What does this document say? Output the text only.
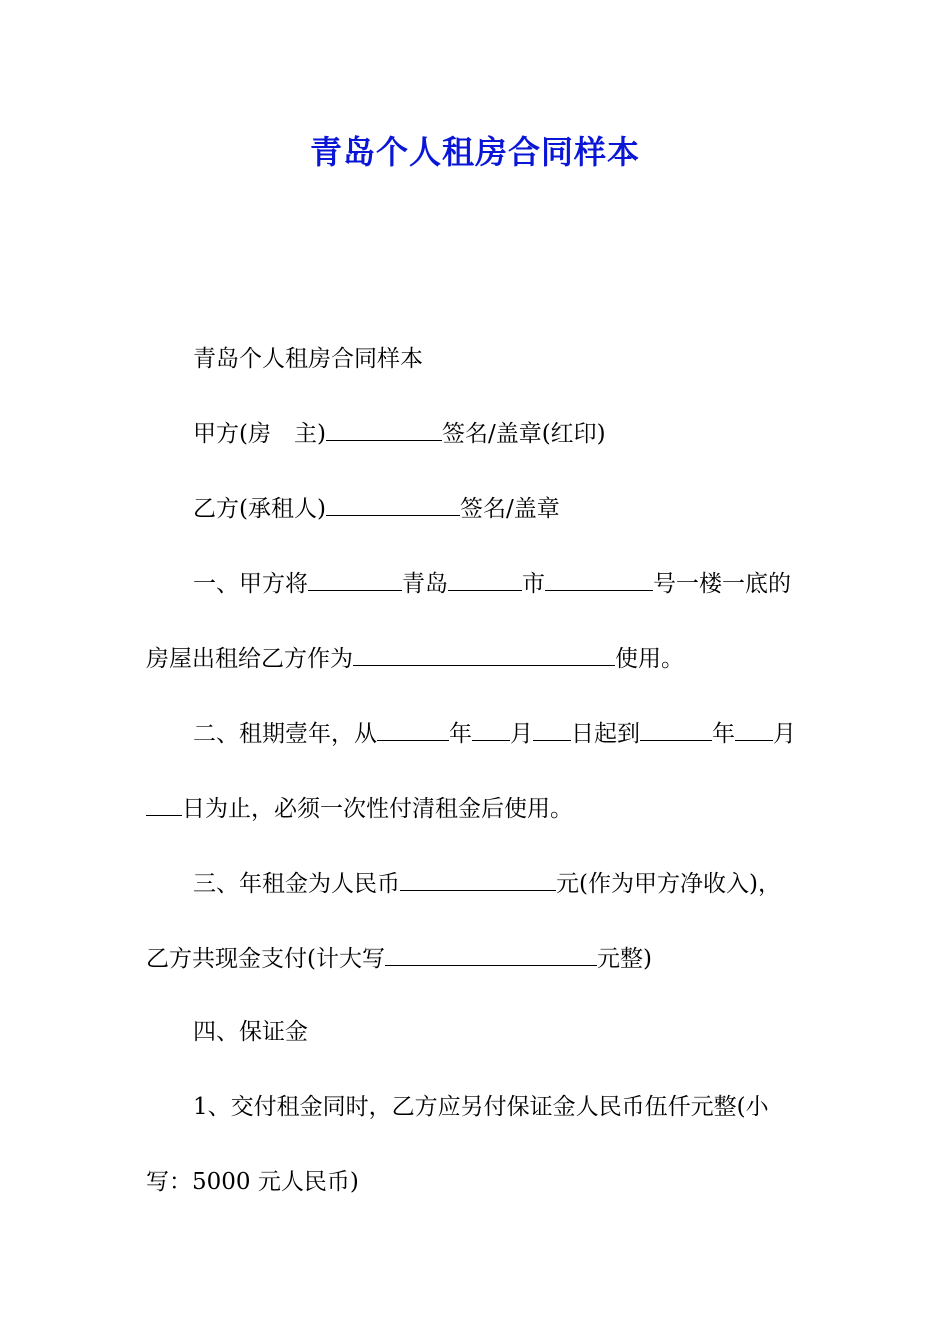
青岛个人租房合同样本
青岛个人租房合同样本
甲方(房　主)	签名/盖章(红印)
乙方(承租人)	签名/盖章
一、甲方将	青岛	市	号一楼一底的
房屋出租给乙方作为	使用。
二、租期壹年，从	年 月 日起到	年 月
日为止，必须一次性付清租金后使用。
三、年租金为人民币	元(作为甲方净收入)，
乙方共现金支付(计大写	元整)
四、保证金
1、交付租金同时，乙方应另付保证金人民币伍仟元整(小
写：5000 元人民币)
